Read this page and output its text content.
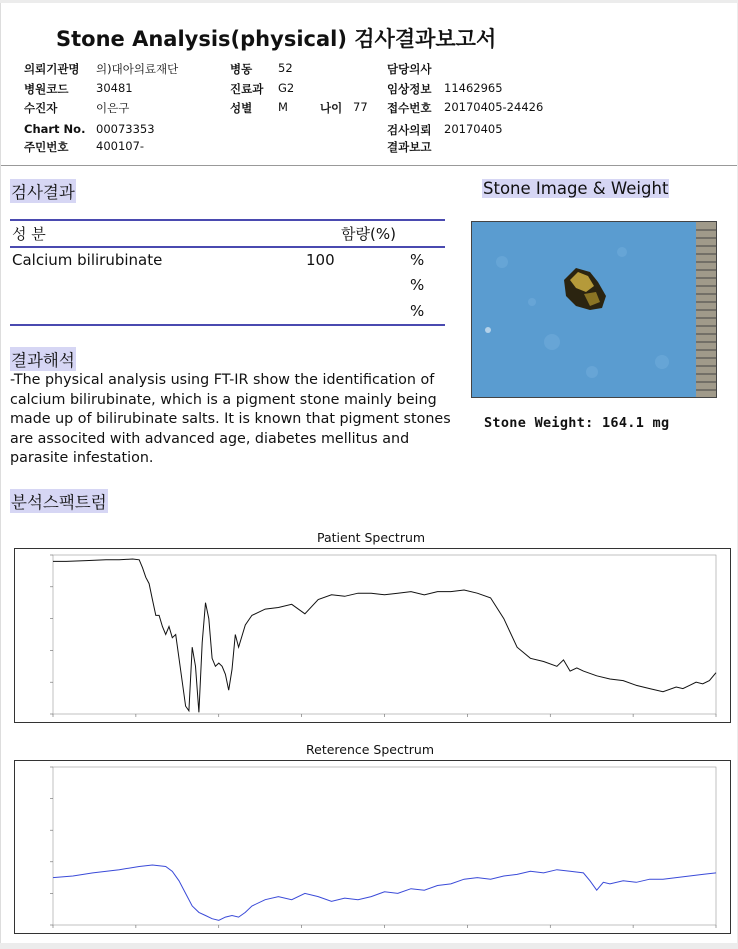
Stone Analysis(physical) 검사결과보고서
의뢰기관명 의)대아의료재단
병원코드 30481
수진자	이은구
Chart No. 00073353
주민번호 400107-
병동 52
진료과 G2
성별 M	나이 77
담당의사
임상정보 11462965
접수번호 20170405-24426
검사의뢰 20170405
결과보고
검사결과
성 분	함량(%)
Calcium bilirubinate	100	%
%
%
결과해석
-The physical analysis using FT-IR show the identification of calcium bilirubinate, which is a pigment stone mainly being made up of bilirubinate salts. It is known that pigment stones are associted with advanced age, diabetes mellitus and parasite infestation.
Stone Image & Weight
Stone Weight: 164.1 mg
분석스팩트럼
Patient Spectrum
Reterence Spectrum
